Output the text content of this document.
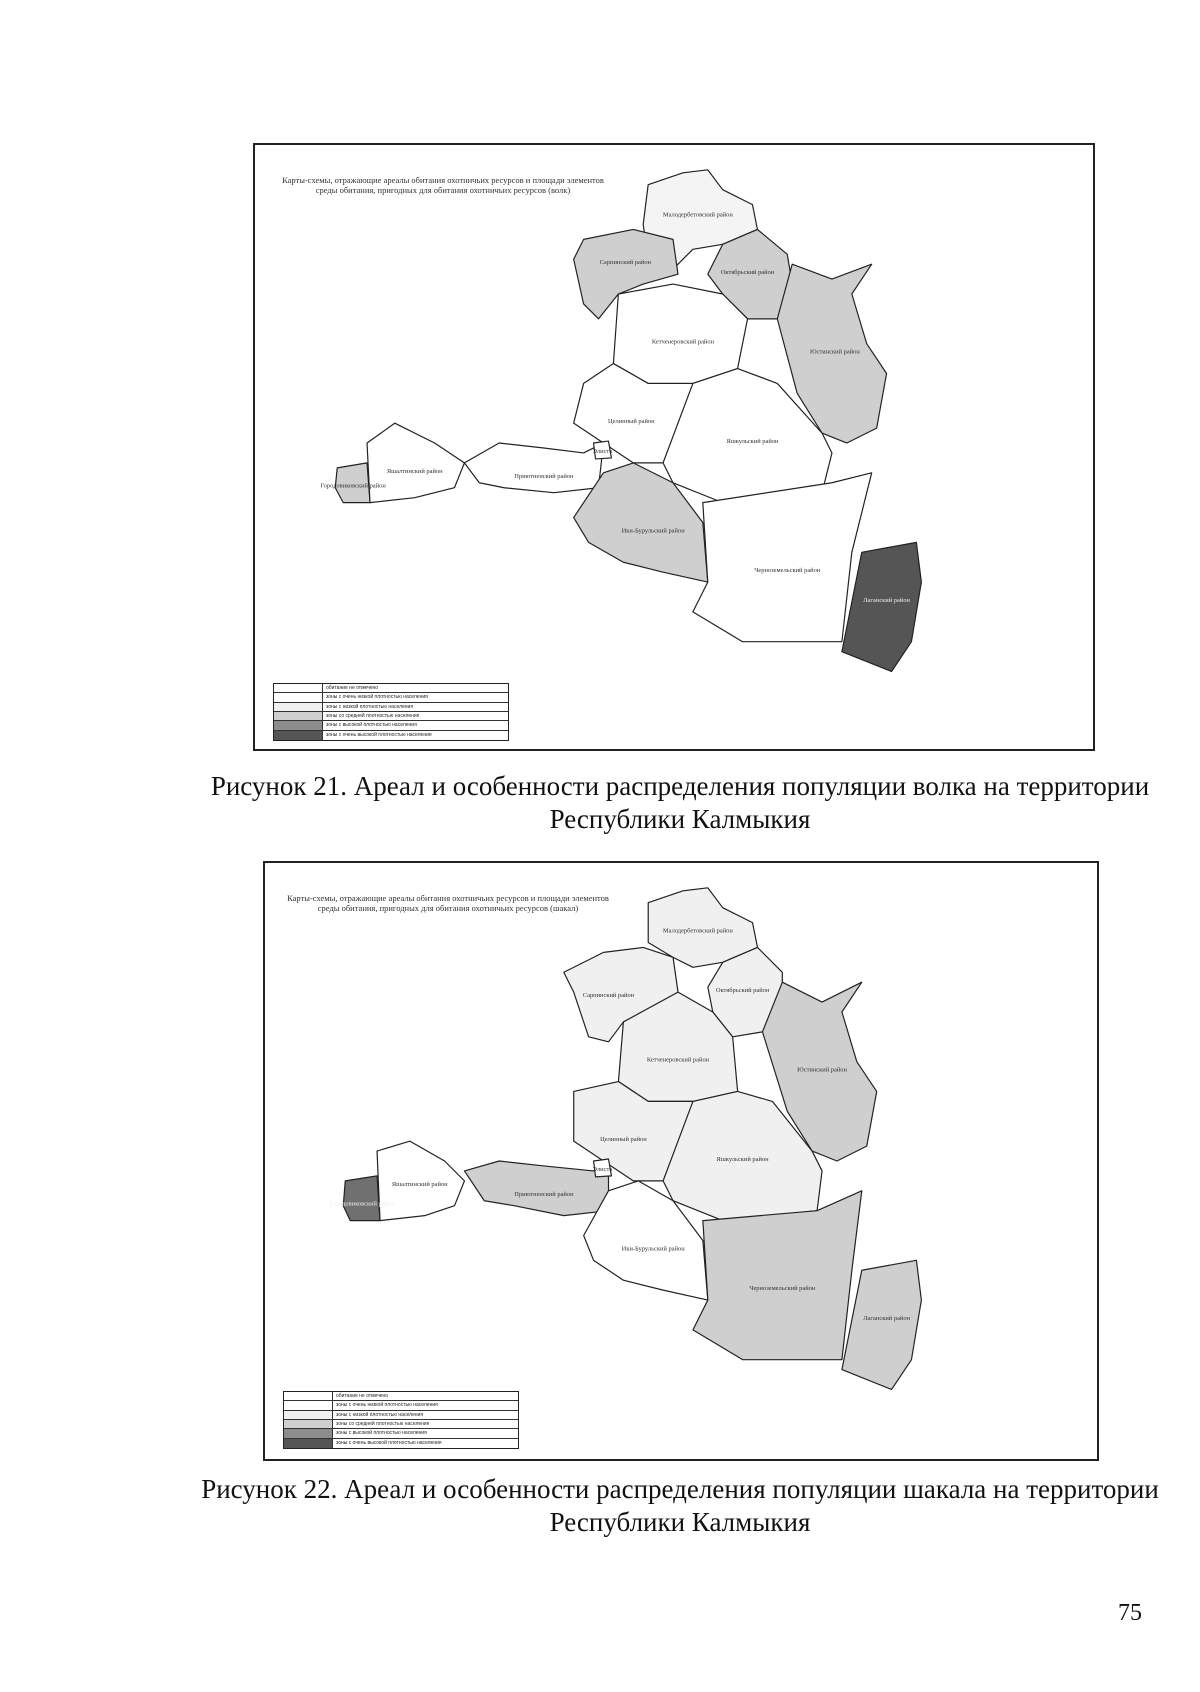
Карты-схемы, отражающие ареалы обитания охотничьих ресурсов и площади элементов среды обитания, пригодных для обитания охотничьих ресурсов (волк)
Малодербетовский район
Сарпинский район
Октябрьский район
Кетченеровский район
Юстинский район
Целинный район
Яшкульский район
Городовиковский район
Яшалтинский район
Элиста
Приютненский район
Ики-Бурульский район
Черноземельский район
Лаганский район
обитание не отмечено
зоны с очень низкой плотностью населения
зоны с низкой плотностью населения
зоны со средней плотностью населения
зоны с высокой плотностью населения
зоны с очень высокой плотностью населения
Рисунок 21. Ареал и особенности распределения популяции волка на территории Республики Калмыкия
Карты-схемы, отражающие ареалы обитания охотничьих ресурсов и площади элементов среды обитания, пригодных для обитания охотничьих ресурсов (шакал)
Малодербетовский район
Сарпинский район
Октябрьский район
Кетченеровский район
Юстинский район
Целинный район
Яшкульский район
Городовиковский район
Яшалтинский район
Элиста
Приютненский район
Ики-Бурульский район
Черноземельский район
Лаганский район
обитание не отмечено
зоны с очень низкой плотностью населения
зоны с низкой плотностью населения
зоны со средней плотностью населения
зоны с высокой плотностью населения
зоны с очень высокой плотностью населения
Рисунок 22. Ареал и особенности распределения популяции шакала на территории Республики Калмыкия
75
